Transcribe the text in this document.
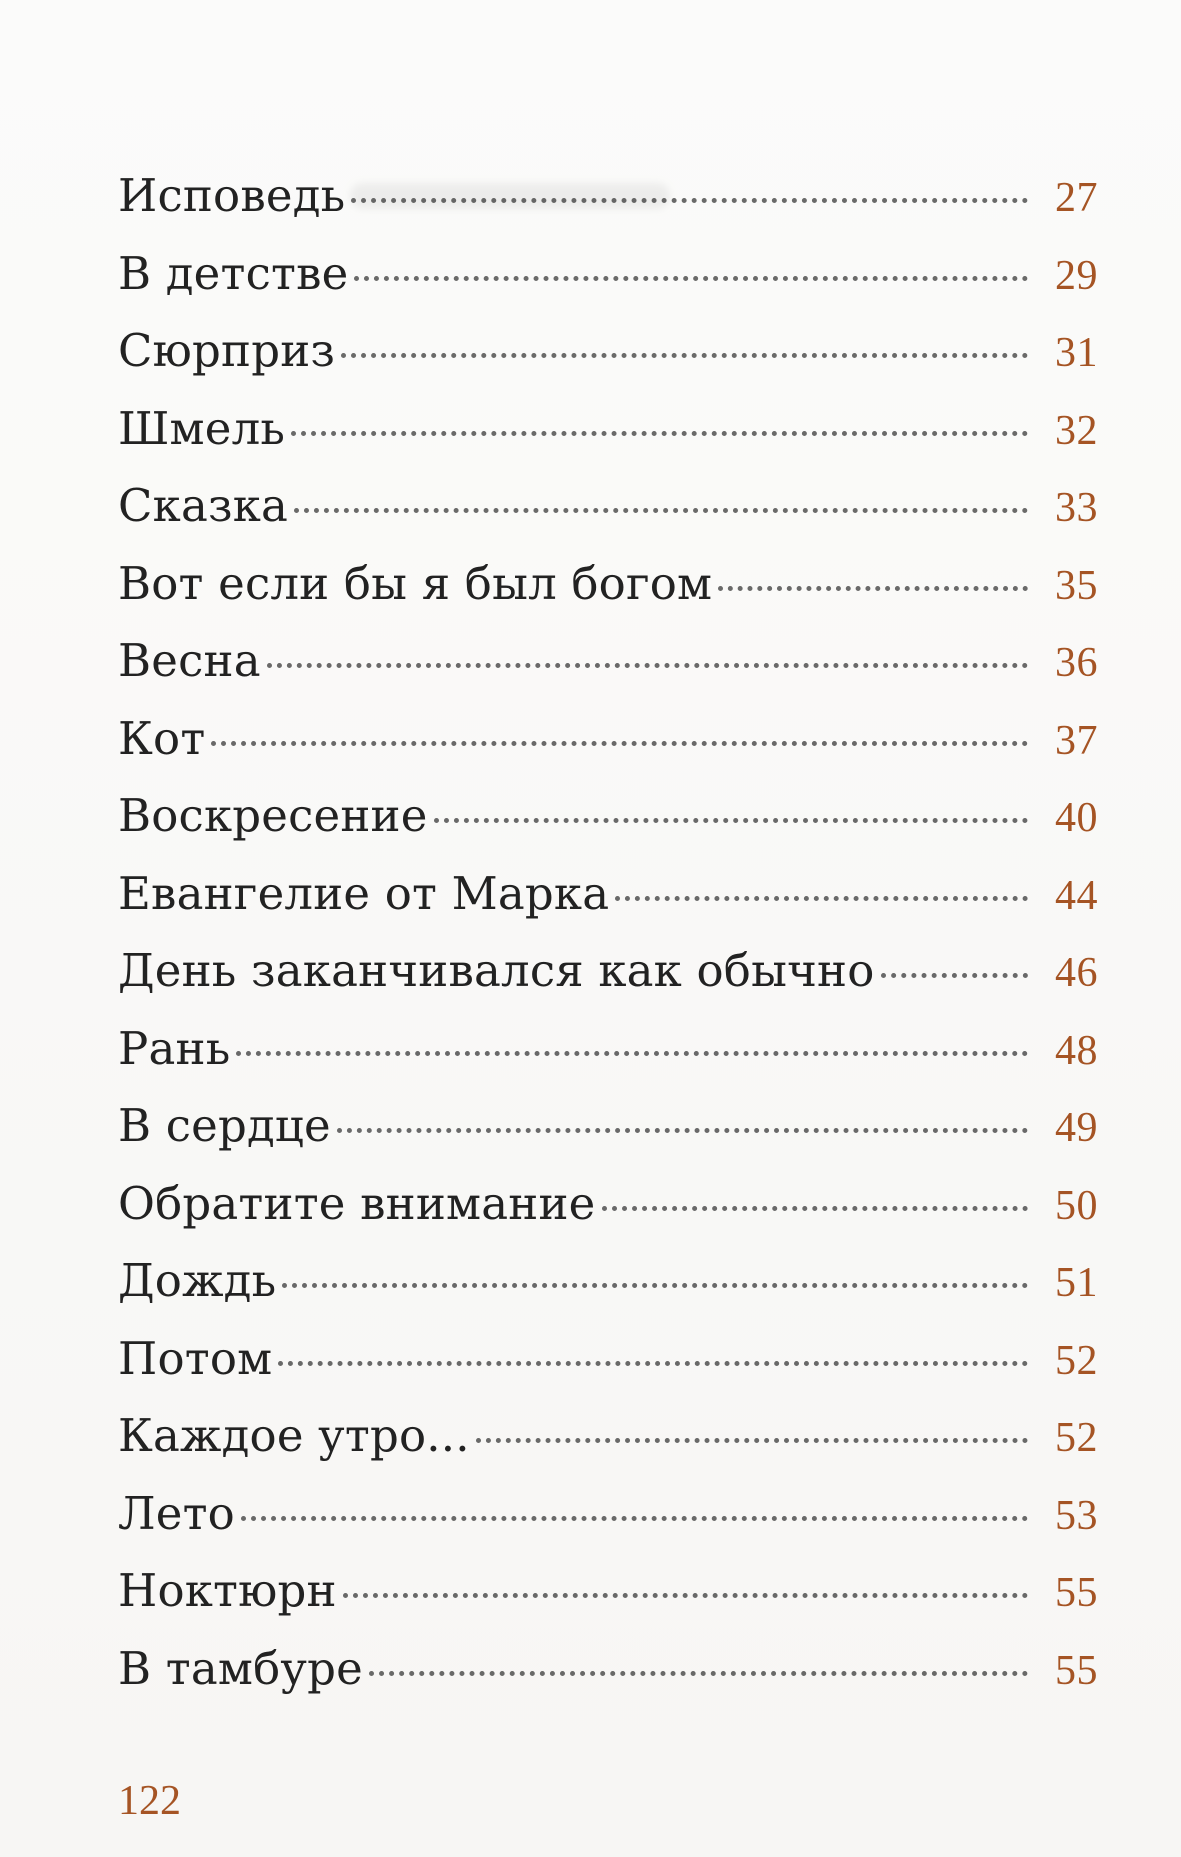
Исповедь	27
В детстве	29
Сюрприз	31
Шмель	32
Сказка	33
Вот если бы я был богом	35
Весна	36
Кот	37
Воскресение	40
Евангелие от Марка	44
День заканчивался как обычно	46
Рань	48
В сердце	49
Обратите внимание	50
Дождь	51
Потом	52
Каждое утро...	52
Лето	53
Ноктюрн	55
В тамбуре	55
122
